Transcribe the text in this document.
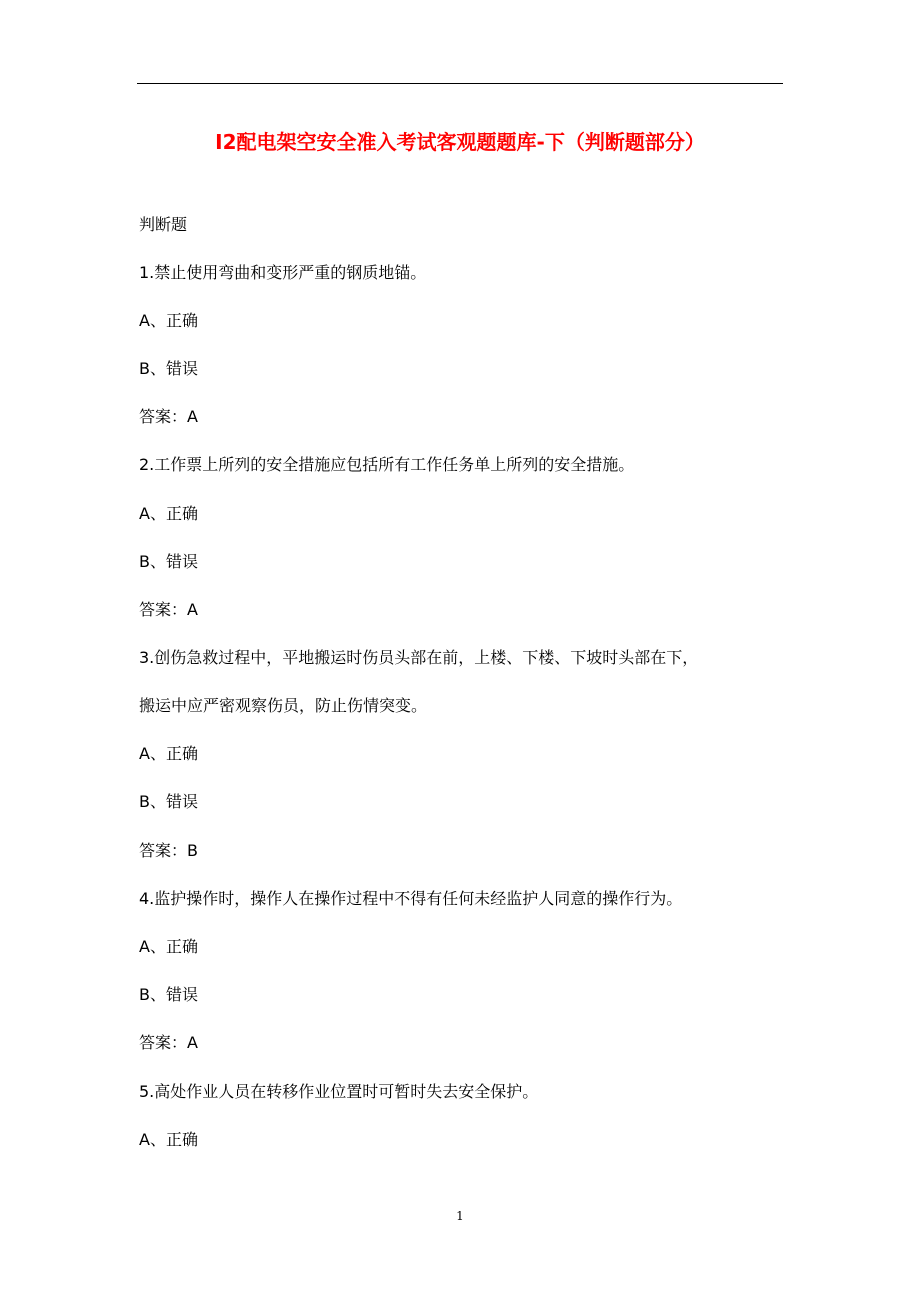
I2配电架空安全准入考试客观题题库-下（判断题部分）
判断题
1.禁止使用弯曲和变形严重的钢质地锚。
A、正确
B、错误
答案：A
2.工作票上所列的安全措施应包括所有工作任务单上所列的安全措施。
A、正确
B、错误
答案：A
3.创伤急救过程中，平地搬运时伤员头部在前，上楼、下楼、下坡时头部在下，
搬运中应严密观察伤员，防止伤情突变。
A、正确
B、错误
答案：B
4.监护操作时，操作人在操作过程中不得有任何未经监护人同意的操作行为。
A、正确
B、错误
答案：A
5.高处作业人员在转移作业位置时可暂时失去安全保护。
A、正确
1
